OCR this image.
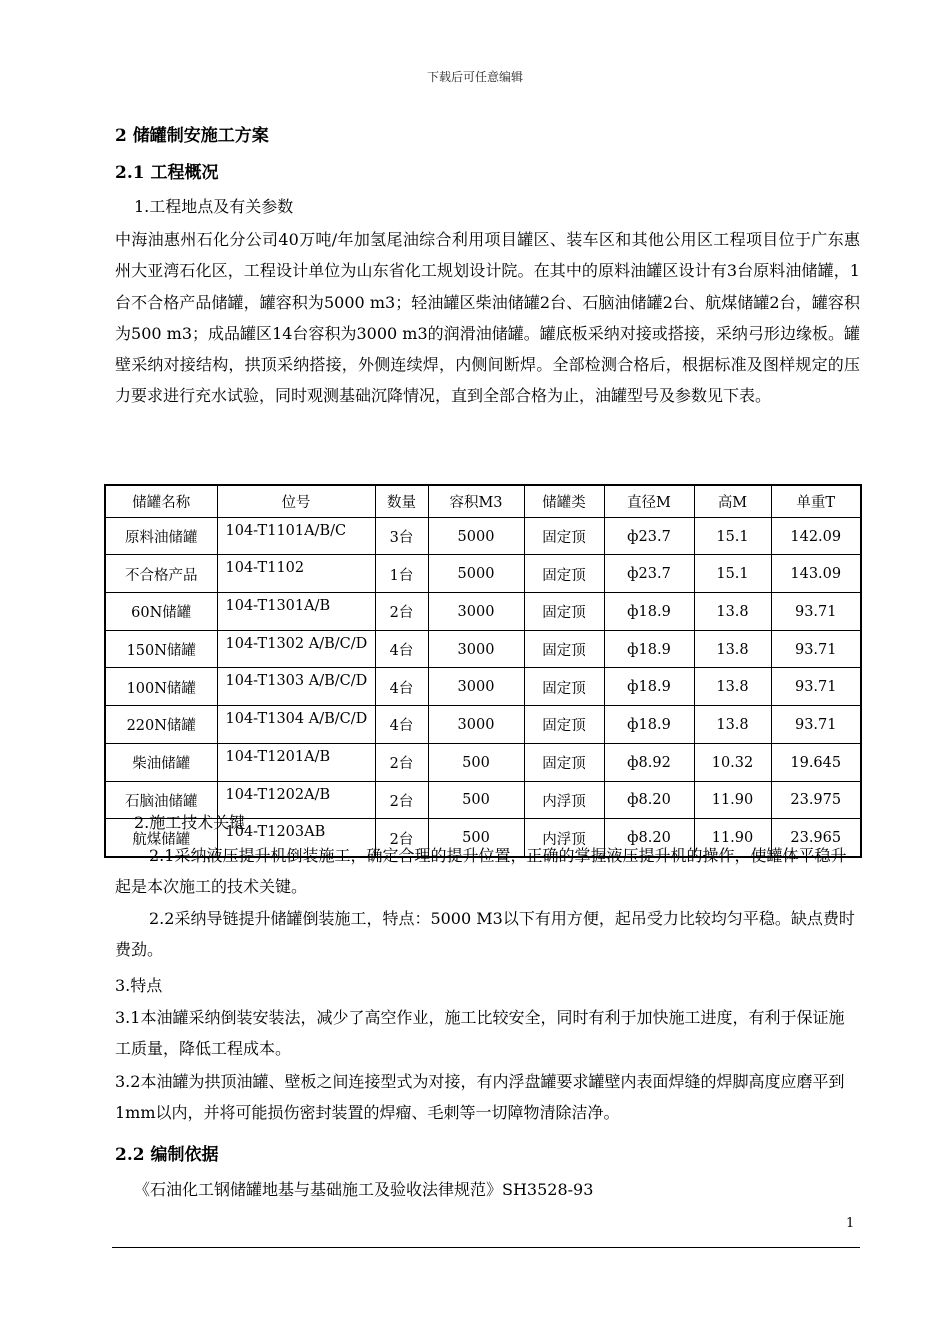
下载后可任意编辑
2 储罐制安施工方案
2.1 工程概况
1.工程地点及有关参数
中海油惠州石化分公司40万吨/年加氢尾油综合利用项目罐区、装车区和其他公用区工程项目位于广东惠州大亚湾石化区，工程设计单位为山东省化工规划设计院。在其中的原料油罐区设计有3台原料油储罐，1台不合格产品储罐，罐容积为5000 m3；轻油罐区柴油储罐2台、石脑油储罐2台、航煤储罐2台，罐容积为500 m3；成品罐区14台容积为3000 m3的润滑油储罐。罐底板采纳对接或搭接，采纳弓形边缘板。罐壁采纳对接结构，拱顶采纳搭接，外侧连续焊，内侧间断焊。全部检测合格后，根据标准及图样规定的压力要求进行充水试验，同时观测基础沉降情况，直到全部合格为止，油罐型号及参数见下表。
储罐名称	位号	数量	容积M3	储罐类	直径M	高M	单重T
原料油储罐	104-T1101A/B/C	3台	5000	固定顶	ф23.7	15.1	142.09
不合格产品	104-T1102	1台	5000	固定顶	ф23.7	15.1	143.09
60N储罐	104-T1301A/B	2台	3000	固定顶	ф18.9	13.8	93.71
150N储罐	104-T1302 A/B/C/D	4台	3000	固定顶	ф18.9	13.8	93.71
100N储罐	104-T1303 A/B/C/D	4台	3000	固定顶	ф18.9	13.8	93.71
220N储罐	104-T1304 A/B/C/D	4台	3000	固定顶	ф18.9	13.8	93.71
柴油储罐	104-T1201A/B	2台	500	固定顶	ф8.92	10.32	19.645
石脑油储罐	104-T1202A/B	2台	500	内浮顶	ф8.20	11.90	23.975
航煤储罐	104-T1203AB	2台	500	内浮顶	ф8.20	11.90	23.965
2.施工技术关键
2.1采纳液压提升机倒装施工，确定合理的提升位置，正确的掌握液压提升机的操作，使罐体平稳升起是本次施工的技术关键。
2.2采纳导链提升储罐倒装施工，特点：5000 M3以下有用方便，起吊受力比较均匀平稳。缺点费时费劲。
3.特点
3.1本油罐采纳倒装安装法，减少了高空作业，施工比较安全，同时有利于加快施工进度，有利于保证施工质量，降低工程成本。
3.2本油罐为拱顶油罐、壁板之间连接型式为对接，有内浮盘罐要求罐壁内表面焊缝的焊脚高度应磨平到1mm以内，并将可能损伤密封装置的焊瘤、毛刺等一切障物清除洁净。
2.2 编制依据
《石油化工钢储罐地基与基础施工及验收法律规范》SH3528-93
1
